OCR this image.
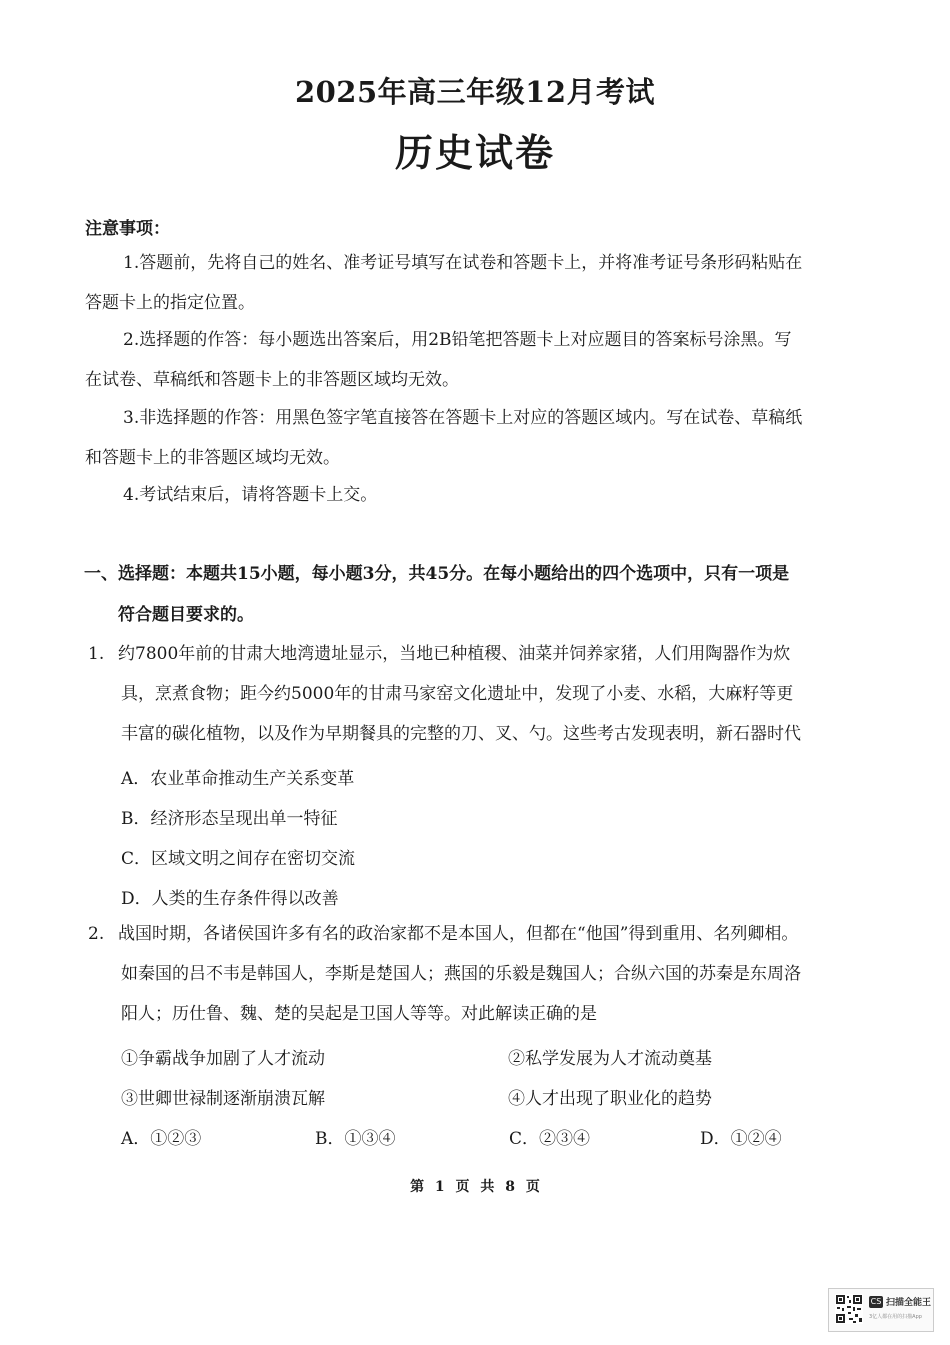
2025年高三年级12月考试
历史试卷
注意事项：
1.答题前，先将自己的姓名、准考证号填写在试卷和答题卡上，并将准考证号条形码粘贴在
答题卡上的指定位置。
2.选择题的作答：每小题选出答案后，用2B铅笔把答题卡上对应题目的答案标号涂黑。写
在试卷、草稿纸和答题卡上的非答题区域均无效。
3.非选择题的作答：用黑色签字笔直接答在答题卡上对应的答题区域内。写在试卷、草稿纸
和答题卡上的非答题区域均无效。
4.考试结束后，请将答题卡上交。
一、选择题：本题共15小题，每小题3分，共45分。在每小题给出的四个选项中，只有一项是
符合题目要求的。
1. 约7800年前的甘肃大地湾遗址显示，当地已种植稷、油菜并饲养家猪，人们用陶器作为炊
具，烹煮食物；距今约5000年的甘肃马家窑文化遗址中，发现了小麦、水稻，大麻籽等更
丰富的碳化植物，以及作为早期餐具的完整的刀、叉、勺。这些考古发现表明，新石器时代
A．农业革命推动生产关系变革
B．经济形态呈现出单一特征
C．区域文明之间存在密切交流
D．人类的生存条件得以改善
2. 战国时期，各诸侯国许多有名的政治家都不是本国人，但都在“他国”得到重用、名列卿相。
如秦国的吕不韦是韩国人，李斯是楚国人；燕国的乐毅是魏国人；合纵六国的苏秦是东周洛
阳人；历仕鲁、魏、楚的吴起是卫国人等等。对此解读正确的是
①争霸战争加剧了人才流动	②私学发展为人才流动奠基
③世卿世禄制逐渐崩溃瓦解	④人才出现了职业化的趋势
A．①②③	B．①③④	C．②③④	D．①②④
第 1 页 共 8 页
CS 扫描全能王
3亿人都在用的扫描App
